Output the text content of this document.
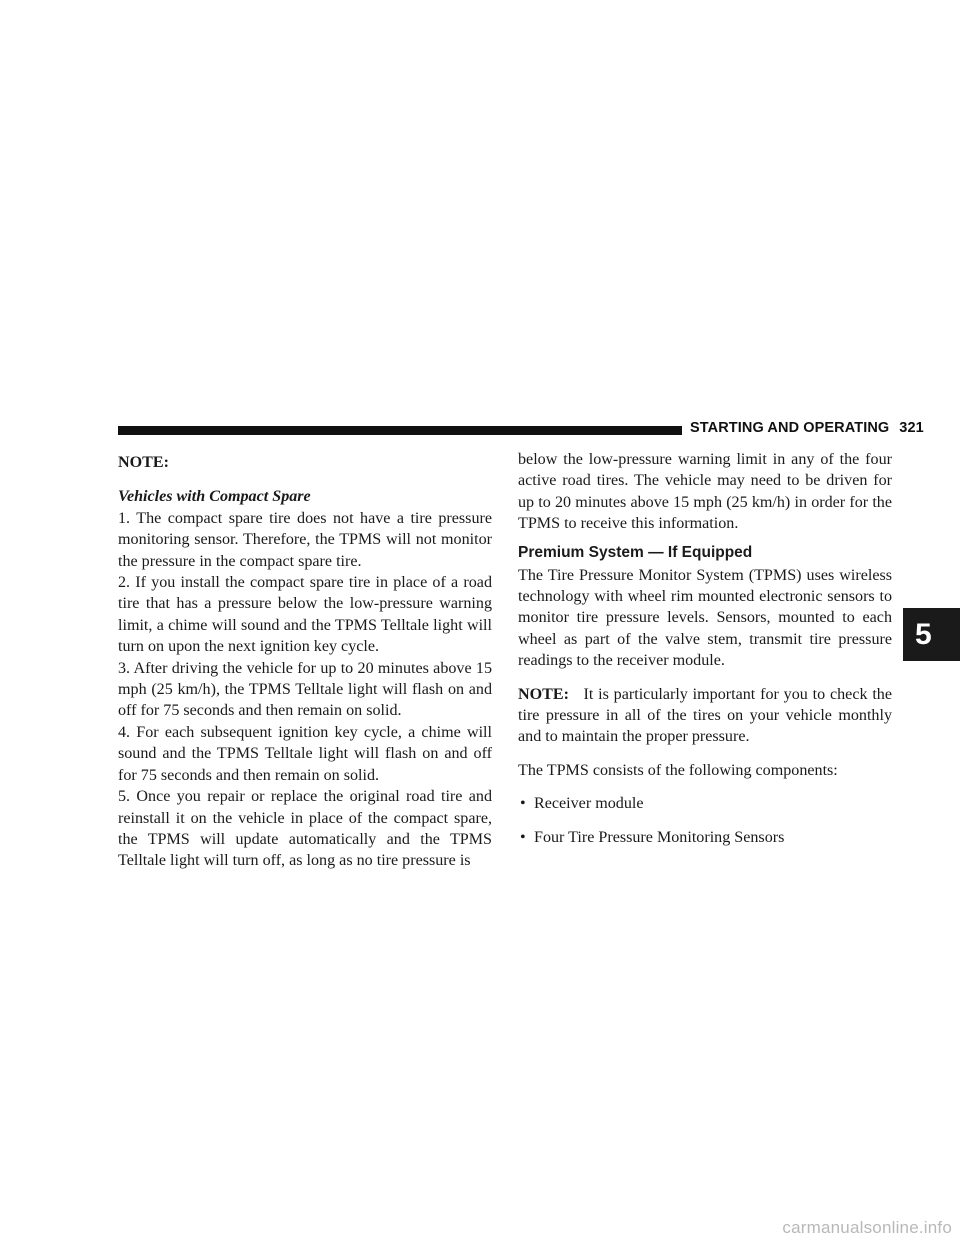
STARTING AND OPERATING 321

NOTE:

Vehicles with Compact Spare

1. The compact spare tire does not have a tire pressure monitoring sensor. Therefore, the TPMS will not monitor the pressure in the compact spare tire.

2. If you install the compact spare tire in place of a road tire that has a pressure below the low-pressure warning limit, a chime will sound and the TPMS Telltale light will turn on upon the next ignition key cycle.

3. After driving the vehicle for up to 20 minutes above 15 mph (25 km/h), the TPMS Telltale light will flash on and off for 75 seconds and then remain on solid.

4. For each subsequent ignition key cycle, a chime will sound and the TPMS Telltale light will flash on and off for 75 seconds and then remain on solid.

5. Once you repair or replace the original road tire and reinstall it on the vehicle in place of the compact spare, the TPMS will update automatically and the TPMS Telltale light will turn off, as long as no tire pressure is

below the low-pressure warning limit in any of the four active road tires. The vehicle may need to be driven for up to 20 minutes above 15 mph (25 km/h) in order for the TPMS to receive this information.

Premium System — If Equipped

The Tire Pressure Monitor System (TPMS) uses wireless technology with wheel rim mounted electronic sensors to monitor tire pressure levels. Sensors, mounted to each wheel as part of the valve stem, transmit tire pressure readings to the receiver module.

NOTE: It is particularly important for you to check the tire pressure in all of the tires on your vehicle monthly and to maintain the proper pressure.

The TPMS consists of the following components:

• Receiver module

• Four Tire Pressure Monitoring Sensors

5
carmanualsonline.info
